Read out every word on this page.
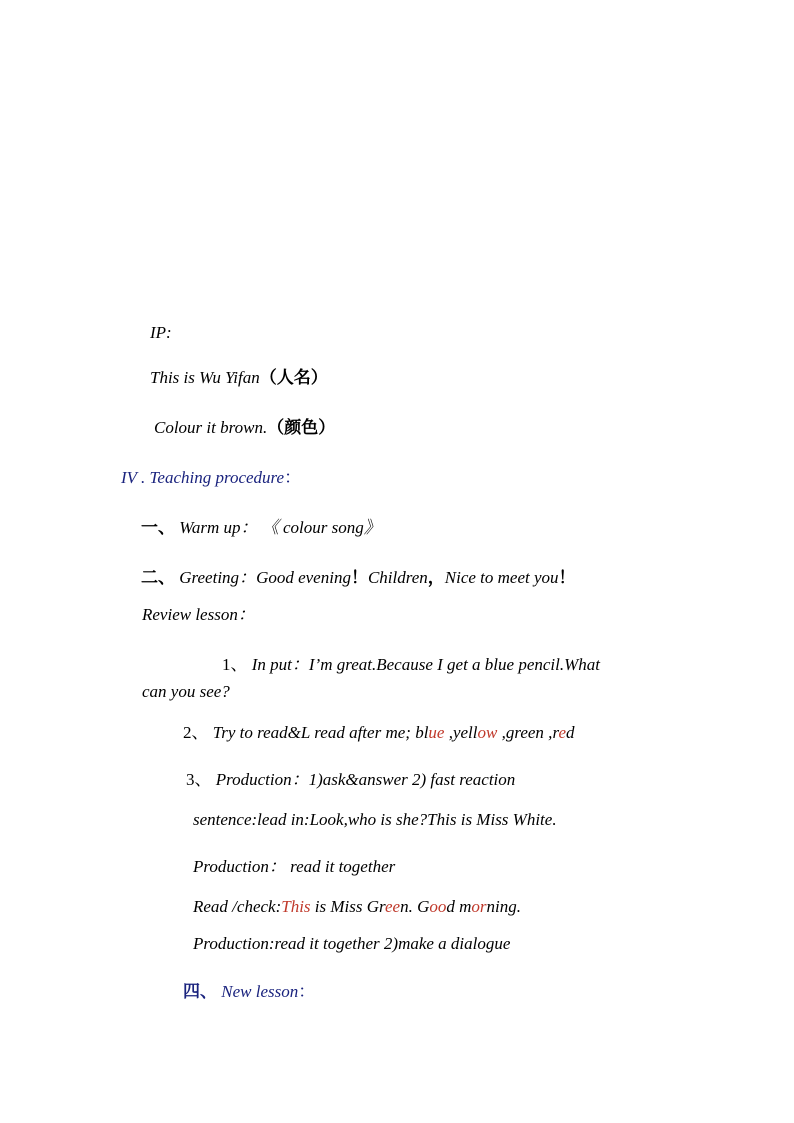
IP:
This is Wu Yifan（人名）
Colour it brown.（颜色）
IV . Teaching procedure：
一、 Warm up： 《 colour song》
二、 Greeting：Good evening！Children，Nice to meet you！
Review lesson：
1、 In put：I’m great.Because I get a blue pencil.What
can you see?
2、 Try to read&L read after me; blue ,yellow ,green ,red
3、 Production：1)ask&answer 2) fast reaction
sentence:lead in:Look,who is she?This is Miss White.
Production： read it together
Read /check:This is Miss Green. Good morning.
Production:read it together 2)make a dialogue
四、 New lesson：
